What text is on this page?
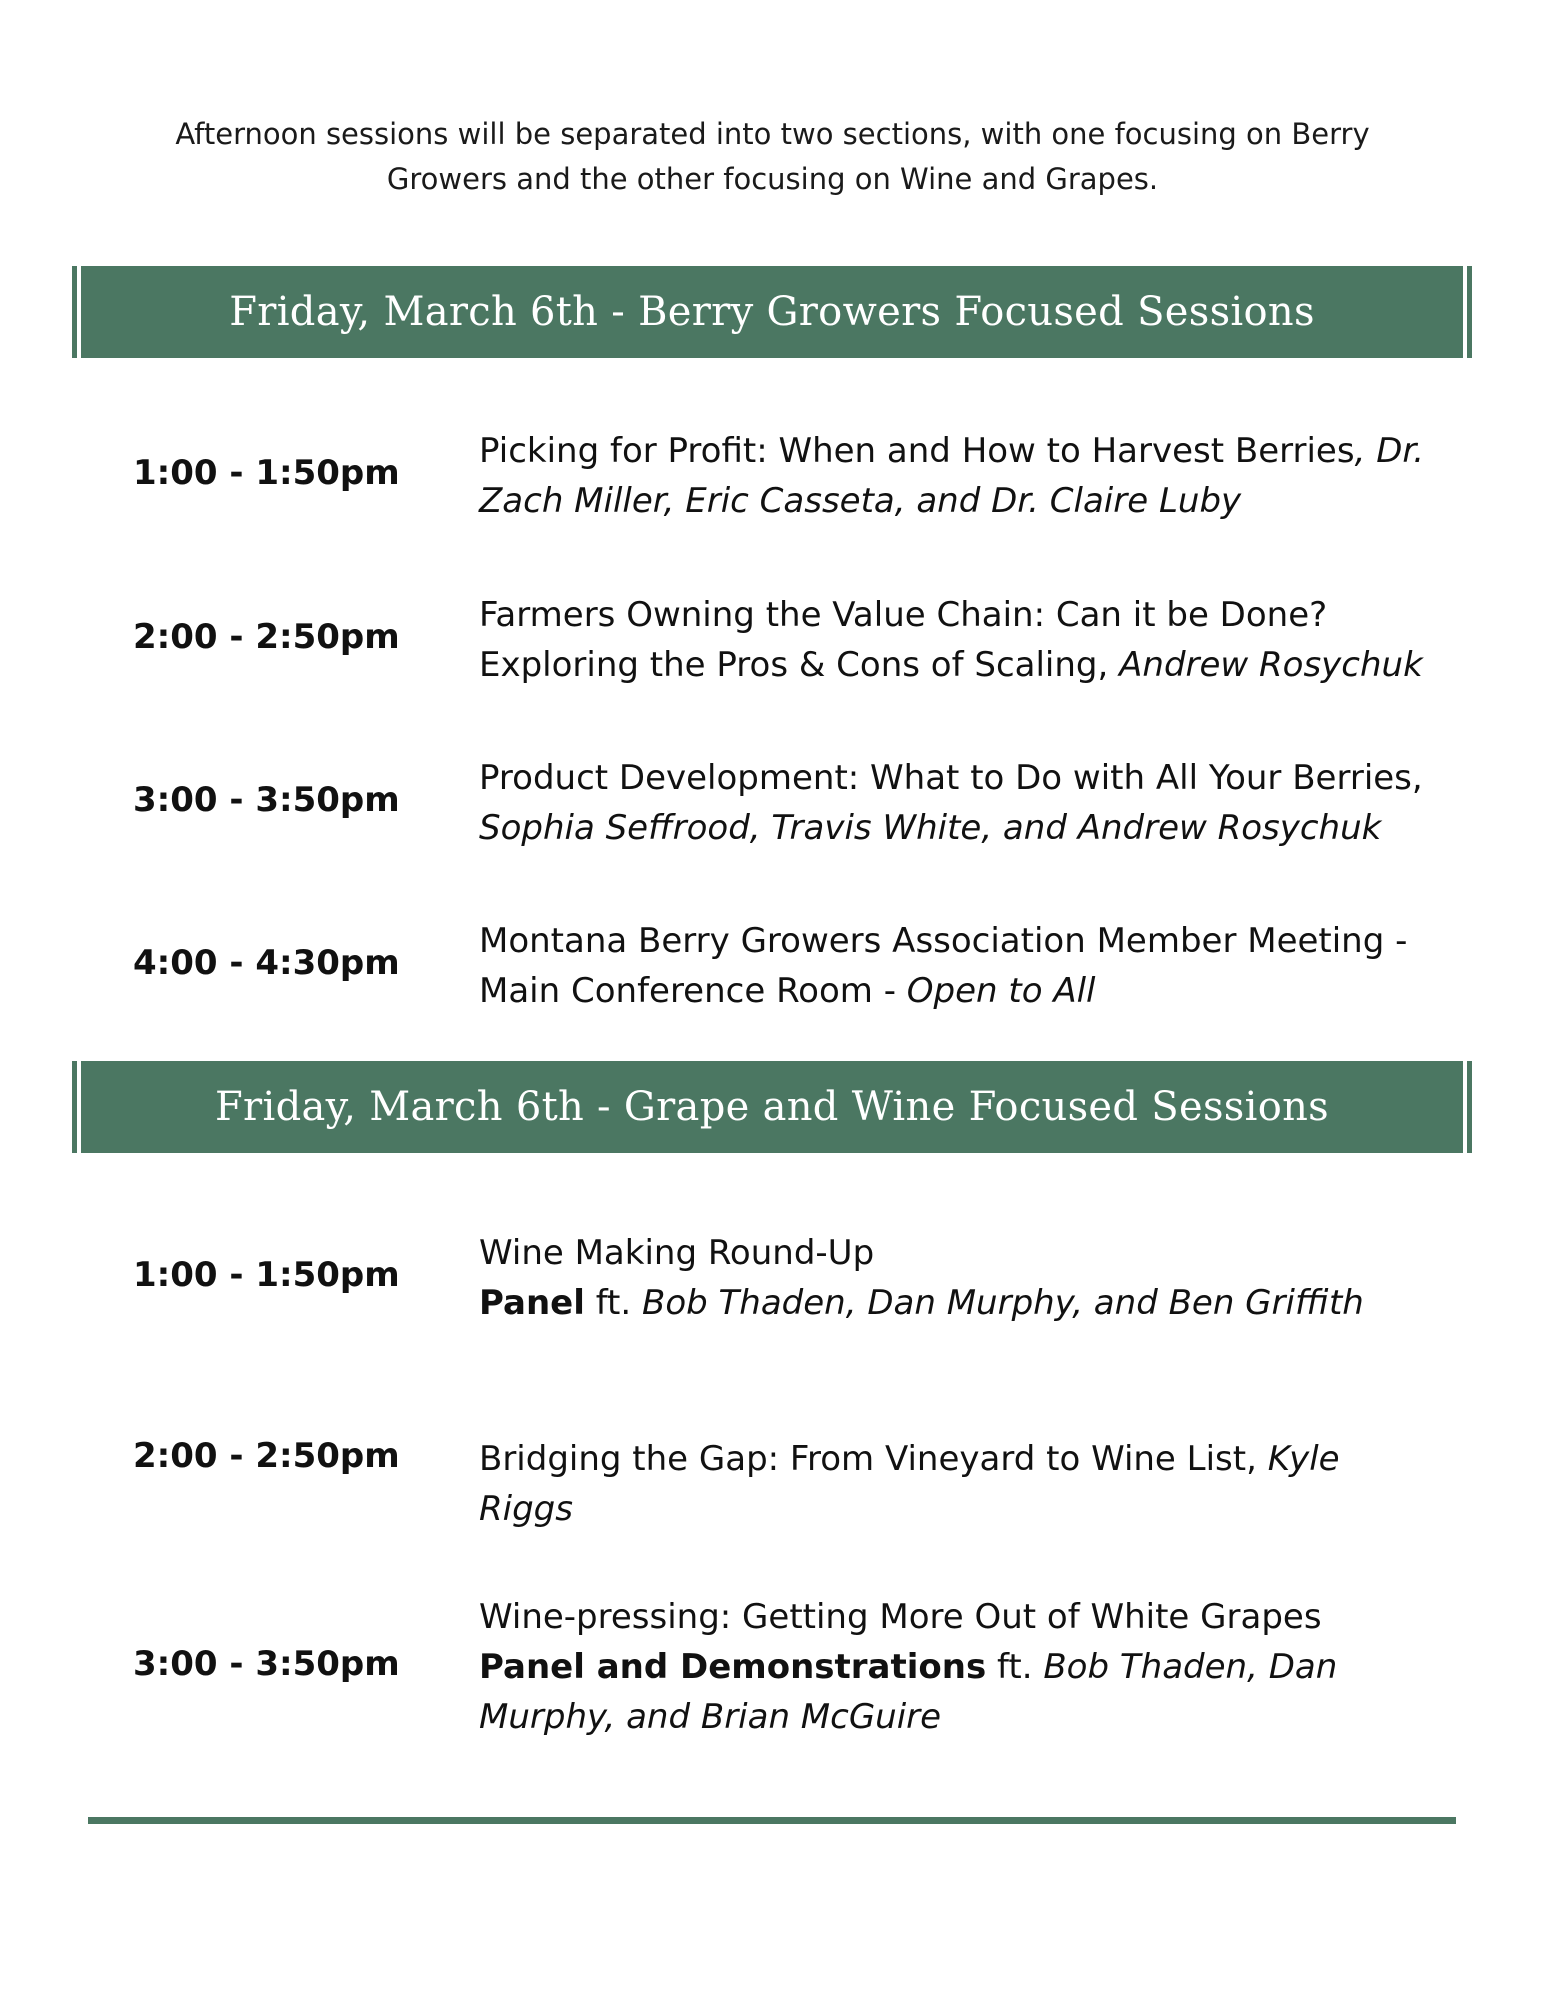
Afternoon sessions will be separated into two sections, with one focusing on Berry Growers and the other focusing on Wine and Grapes.
Friday, March 6th - Berry Growers Focused Sessions
1:00 - 1:50pm
Picking for Profit: When and How to Harvest Berries, Dr. Zach Miller, Eric Casseta, and Dr. Claire Luby
2:00 - 2:50pm
Farmers Owning the Value Chain: Can it be Done? Exploring the Pros & Cons of Scaling, Andrew Rosychuk
3:00 - 3:50pm
Product Development: What to Do with All Your Berries, Sophia Seffrood, Travis White, and Andrew Rosychuk
4:00 - 4:30pm
Montana Berry Growers Association Member Meeting - Main Conference Room - Open to All
Friday, March 6th - Grape and Wine Focused Sessions
1:00 - 1:50pm
Wine Making Round-Up
Panel ft. Bob Thaden, Dan Murphy, and Ben Griffith
2:00 - 2:50pm Bridging the Gap: From Vineyard to Wine List, Kyle Riggs
3:00 - 3:50pm
Wine-pressing: Getting More Out of White Grapes
Panel and Demonstrations ft. Bob Thaden, Dan Murphy, and Brian McGuire
